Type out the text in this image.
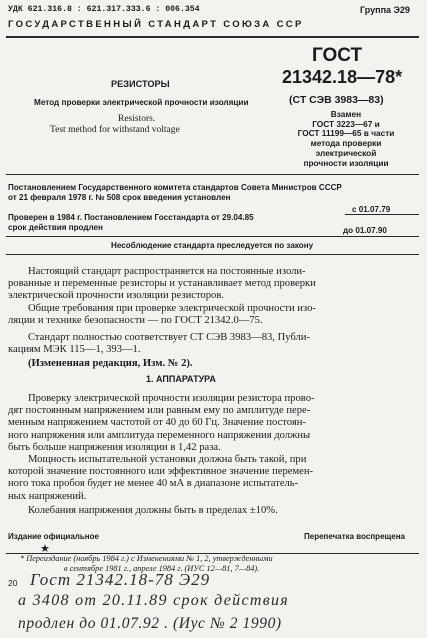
УДК 621.316.8 : 621.317.333.6 : 006.354	Группа Э29
ГОСУДАРСТВЕННЫЙ СТАНДАРТ СОЮЗА ССР
ГОСТ
21342.18—78*
(СТ СЭВ 3983—83)
Взамен
ГОСТ 3223—67 и
ГОСТ 11199—65 в части
метода проверки
электрической
прочности изоляции
РЕЗИСТОРЫ
Метод проверки электрической прочности изоляции
Resistors.
Test method for withstand voltage
Постановлением Государственного комитета стандартов Совета Министров СССР
от 21 февраля 1978 г. № 508 срок введения установлен
с 01.07.79
Проверен в 1984 г. Постановлением Госстандарта от 29.04.85
срок действия продлен	до 01.07.90
Несоблюдение стандарта преследуется по закону
Настоящий стандарт распространяется на постоянные изоли-
рованные и переменные резисторы и устанавливает метод проверки
электрической прочности изоляции резисторов.
Общие требования при проверке электрической прочности изо-
ляции и технике безопасности — по ГОСТ 21342.0—75.
Стандарт полностью соответствует СТ СЭВ 3983—83, Публи-
кациям МЭК 115—1, 393—1.
(Измененная редакция, Изм. № 2).
1. АППАРАТУРА
Проверку электрической прочности изоляции резистора прово-
дят постоянным напряжением или равным ему по амплитуде пере-
менным напряжением частотой от 40 до 60 Гц. Значение постоян-
ного напряжения или амплитуда переменного напряжения должны
быть больше напряжения изоляции в 1,42 раза.
Мощность испытательной установки должна быть такой, при
которой значение постоянного или эффективное значение перемен-
ного тока пробоя будет не менее 40 мА в диапазоне испытатель-
ных напряжений.
Колебания напряжения должны быть в пределах ±10%.
Издание официальное	Перепечатка воспрещена
★
* Переиздание (ноябрь 1984 г.) с Изменениями № 1, 2, утвержденными
в сентябре 1981 г., апреле 1984 г. (ИУС 12—81, 7—84).
20 Гост 21342.18-78 Э29
а 3408 от 20.11.89 срок действия
продлен до 01.07.92 . (Иус № 2 1990)
